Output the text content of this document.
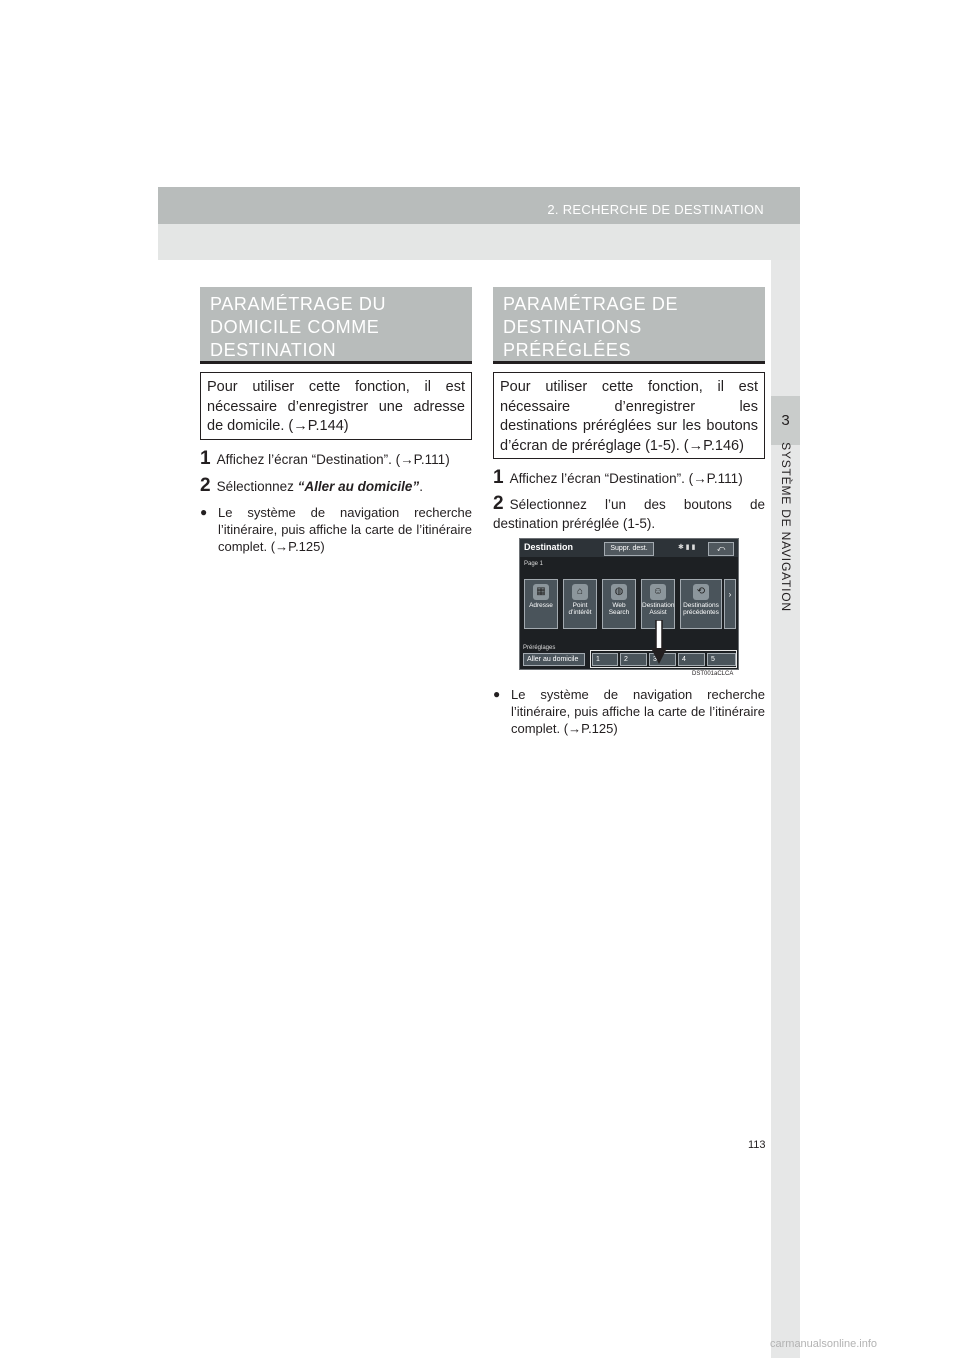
2. RECHERCHE DE DESTINATION
3
SYSTÈME DE NAVIGATION
PARAMÉTRAGE DU
DOMICILE COMME
DESTINATION
Pour utiliser cette fonction, il est nécessaire d’enregistrer une adresse de domicile. (→P.144)
1 Affichez l’écran “Destination”. (→P.111)
2 Sélectionnez “Aller au domicile”.
● Le système de navigation recherche l’itinéraire, puis affiche la carte de l’itinéraire complet. (→P.125)
PARAMÉTRAGE DE
DESTINATIONS PRÉRÉGLÉES
COMME DESTINATION
Pour utiliser cette fonction, il est nécessaire d’enregistrer les destinations préréglées sur les boutons d’écran de préréglage (1-5). (→P.146)
1 Affichez l’écran “Destination”. (→P.111)
2 Sélectionnez l’un des boutons de destination préréglée (1-5).
Destination	Suppr. dest.	✱ ▮ ▮	⤺
Page 1
▦
Adresse
⌂
Point d’intérêt
◍
Web Search
☺
Destination Assist
⟲
Destinations précédentes
›
Préréglages
Aller au domicile	1	2	3	4	5
DST001aCLCA
● Le système de navigation recherche l’itinéraire, puis affiche la carte de l’itinéraire complet. (→P.125)
113
carmanualsonline.info
